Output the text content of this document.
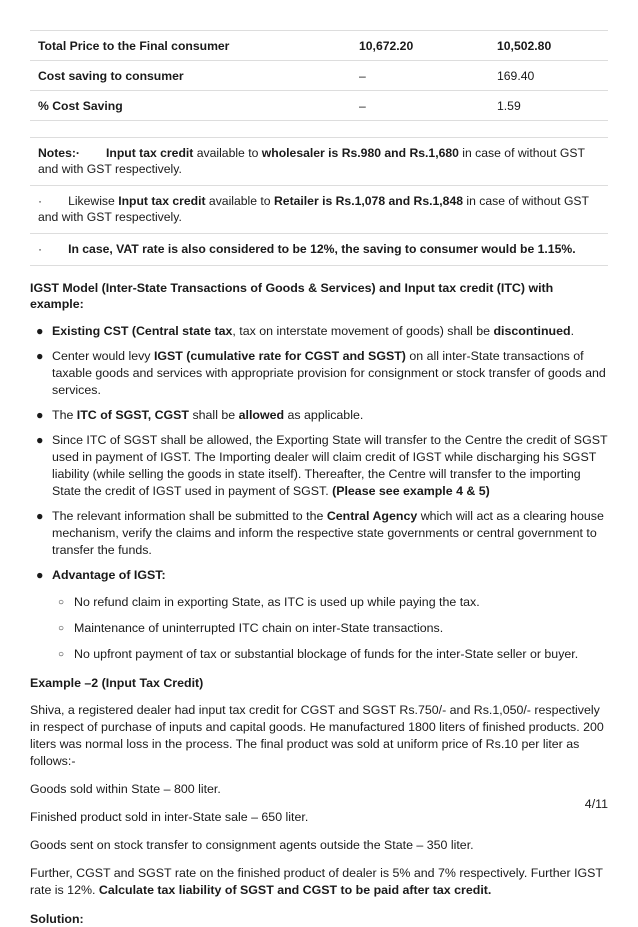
Total Price to the Final consumer	10,672.20	10,502.80
Cost saving to consumer	–	169.40
% Cost Saving	–	1.59
Notes:· Input tax credit available to wholesaler is Rs.980 and Rs.1,680 in case of without GST and with GST respectively.
· Likewise Input tax credit available to Retailer is Rs.1,078 and Rs.1,848 in case of without GST and with GST respectively.
· In case, VAT rate is also considered to be 12%, the saving to consumer would be 1.15%.
IGST Model (Inter-State Transactions of Goods & Services) and Input tax credit (ITC) with example:
● Existing CST (Central state tax, tax on interstate movement of goods) shall be discontinued.
● Center would levy IGST (cumulative rate for CGST and SGST) on all inter-State transactions of taxable goods and services with appropriate provision for consignment or stock transfer of goods and services.
● The ITC of SGST, CGST shall be allowed as applicable.
● Since ITC of SGST shall be allowed, the Exporting State will transfer to the Centre the credit of SGST used in payment of IGST. The Importing dealer will claim credit of IGST while discharging his SGST liability (while selling the goods in state itself). Thereafter, the Centre will transfer to the importing State the credit of IGST used in payment of SGST. (Please see example 4 & 5)
● The relevant information shall be submitted to the Central Agency which will act as a clearing house mechanism, verify the claims and inform the respective state governments or central government to transfer the funds.
● Advantage of IGST:
○ No refund claim in exporting State, as ITC is used up while paying the tax.
○ Maintenance of uninterrupted ITC chain on inter-State transactions.
○ No upfront payment of tax or substantial blockage of funds for the inter-State seller or buyer.
Example –2 (Input Tax Credit)

Shiva, a registered dealer had input tax credit for CGST and SGST Rs.750/- and Rs.1,050/- respectively in respect of purchase of inputs and capital goods. He manufactured 1800 liters of finished products. 200 liters was normal loss in the process. The final product was sold at uniform price of Rs.10 per liter as follows:-

Goods sold within State – 800 liter.

Finished product sold in inter-State sale – 650 liter.

Goods sent on stock transfer to consignment agents outside the State – 350 liter.

Further, CGST and SGST rate on the finished product of dealer is 5% and 7% respectively. Further IGST rate is 12%. Calculate tax liability of SGST and CGST to be paid after tax credit.

Solution:
4/11
